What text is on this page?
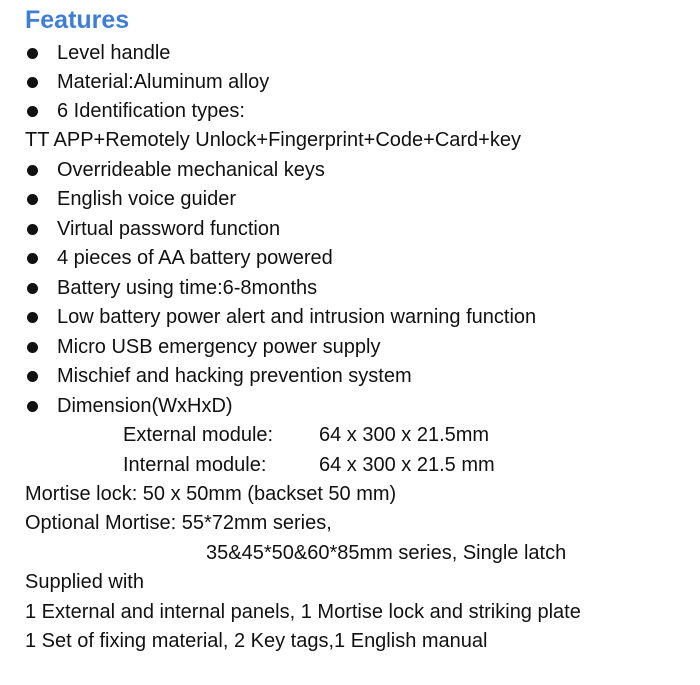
Features
Level handle
Material:Aluminum alloy
6 Identification types:
TT APP+Remotely Unlock+Fingerprint+Code+Card+key
Overrideable mechanical keys
English voice guider
Virtual password function
4 pieces of AA battery powered
Battery using time:6-8months
Low battery power alert and intrusion warning function
Micro USB emergency power supply
Mischief and hacking prevention system
Dimension(WxHxD)
External module: 64 x 300 x 21.5mm
Internal module:	64 x 300 x 21.5 mm
Mortise lock: 50 x 50mm (backset 50 mm)
Optional Mortise: 55*72mm series,
35&45*50&60*85mm series, Single latch
Supplied with
1 External and internal panels, 1 Mortise lock and striking plate
1 Set of fixing material, 2 Key tags,1 English manual
